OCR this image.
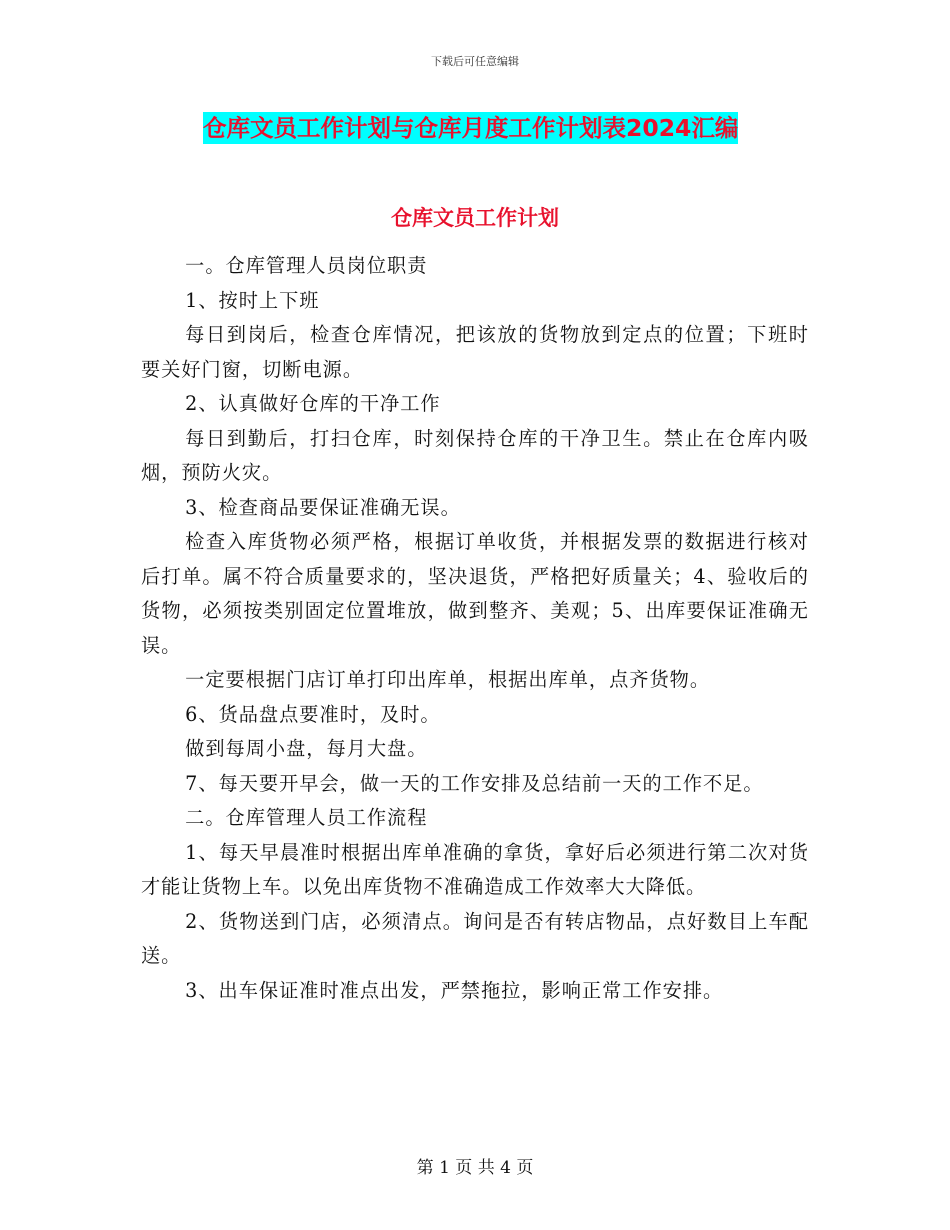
下载后可任意编辑
仓库文员工作计划与仓库月度工作计划表2024汇编
仓库文员工作计划

一。仓库管理人员岗位职责

1、按时上下班

每日到岗后，检查仓库情况，把该放的货物放到定点的位置；下班时要关好门窗，切断电源。

2、认真做好仓库的干净工作

每日到勤后，打扫仓库，时刻保持仓库的干净卫生。禁止在仓库内吸烟，预防火灾。

3、检查商品要保证准确无误。

检查入库货物必须严格，根据订单收货，并根据发票的数据进行核对后打单。属不符合质量要求的，坚决退货，严格把好质量关；4、验收后的货物，必须按类别固定位置堆放，做到整齐、美观；5、出库要保证准确无误。

一定要根据门店订单打印出库单，根据出库单，点齐货物。

6、货品盘点要准时，及时。

做到每周小盘，每月大盘。

7、每天要开早会，做一天的工作安排及总结前一天的工作不足。

二。仓库管理人员工作流程

1、每天早晨准时根据出库单准确的拿货，拿好后必须进行第二次对货才能让货物上车。以免出库货物不准确造成工作效率大大降低。

2、货物送到门店，必须清点。询问是否有转店物品，点好数目上车配送。

3、出车保证准时准点出发，严禁拖拉，影响正常工作安排。

第 1 页 共 4 页
